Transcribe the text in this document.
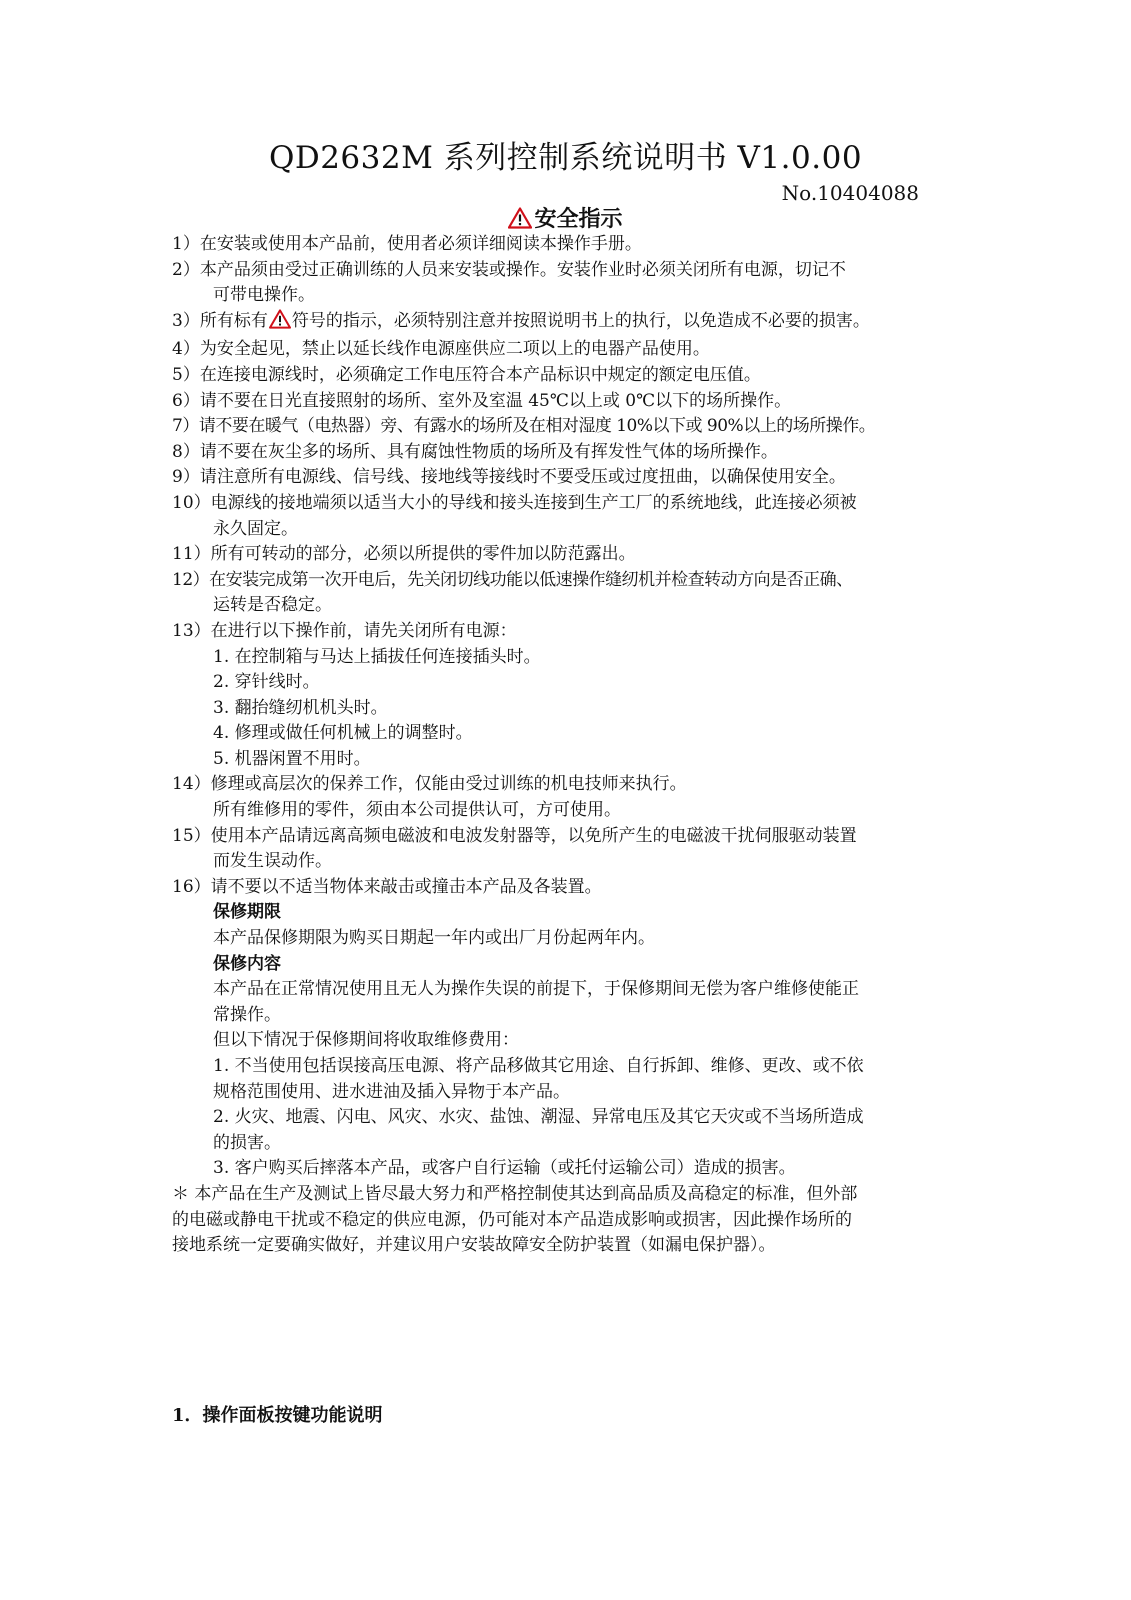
QD2632M 系列控制系统说明书 V1.0.00
No.10404088
安全指示

1）在安装或使用本产品前，使用者必须详细阅读本操作手册。

2）本产品须由受过正确训练的人员来安装或操作。安装作业时必须关闭所有电源，切记不

可带电操作。

3）所有标有 符号的指示，必须特别注意并按照说明书上的执行，以免造成不必要的损害。

4）为安全起见，禁止以延长线作电源座供应二项以上的电器产品使用。

5）在连接电源线时，必须确定工作电压符合本产品标识中规定的额定电压值。

6）请不要在日光直接照射的场所、室外及室温 45℃以上或 0℃以下的场所操作。

7）请不要在暖气（电热器）旁、有露水的场所及在相对湿度 10%以下或 90%以上的场所操作。

8）请不要在灰尘多的场所、具有腐蚀性物质的场所及有挥发性气体的场所操作。

9）请注意所有电源线、信号线、接地线等接线时不要受压或过度扭曲，以确保使用安全。

10）电源线的接地端须以适当大小的导线和接头连接到生产工厂的系统地线，此连接必须被

永久固定。

11）所有可转动的部分，必须以所提供的零件加以防范露出。

12）在安装完成第一次开电后，先关闭切线功能以低速操作缝纫机并检查转动方向是否正确、

运转是否稳定。

13）在进行以下操作前，请先关闭所有电源：

1. 在控制箱与马达上插拔任何连接插头时。

2. 穿针线时。

3. 翻抬缝纫机机头时。

4. 修理或做任何机械上的调整时。

5. 机器闲置不用时。

14）修理或高层次的保养工作，仅能由受过训练的机电技师来执行。

所有维修用的零件，须由本公司提供认可，方可使用。

15）使用本产品请远离高频电磁波和电波发射器等，以免所产生的电磁波干扰伺服驱动装置

而发生误动作。

16）请不要以不适当物体来敲击或撞击本产品及各装置。

保修期限

本产品保修期限为购买日期起一年内或出厂月份起两年内。

保修内容

本产品在正常情况使用且无人为操作失误的前提下，于保修期间无偿为客户维修使能正

常操作。

但以下情况于保修期间将收取维修费用：

1. 不当使用包括误接高压电源、将产品移做其它用途、自行拆卸、维修、更改、或不依

规格范围使用、进水进油及插入异物于本产品。

2. 火灾、地震、闪电、风灾、水灾、盐蚀、潮湿、异常电压及其它天灾或不当场所造成

的损害。

3. 客户购买后摔落本产品，或客户自行运输（或托付运输公司）造成的损害。

＊ 本产品在生产及测试上皆尽最大努力和严格控制使其达到高品质及高稳定的标准，但外部

的电磁或静电干扰或不稳定的供应电源，仍可能对本产品造成影响或损害，因此操作场所的

接地系统一定要确实做好，并建议用户安装故障安全防护装置（如漏电保护器）。

1．操作面板按键功能说明
